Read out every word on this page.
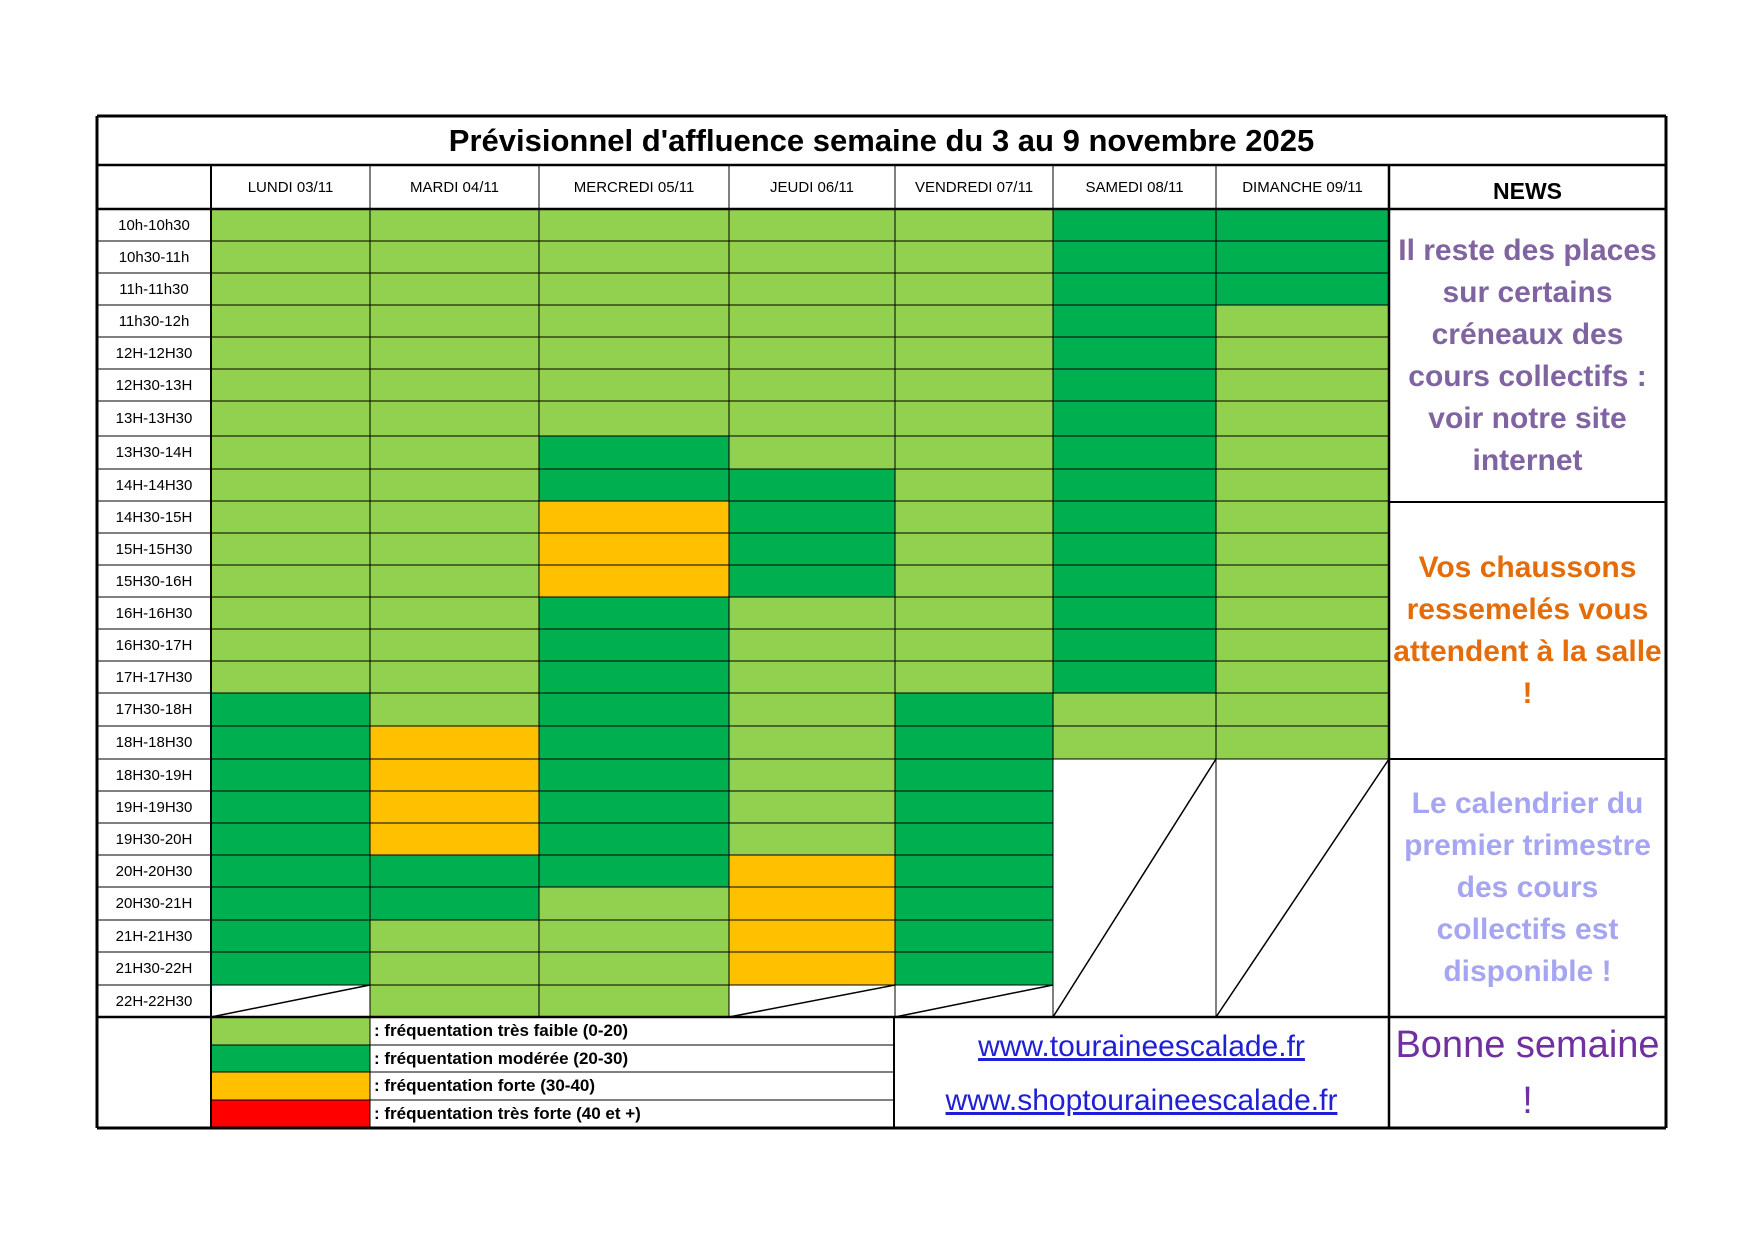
Prévisionnel d'affluence semaine du 3 au 9 novembre 2025
NEWS
Il reste des places sur certains créneaux des cours collectifs : voir notre site internet
Vos chaussons ressemelés vous attendent à la salle !
Le calendrier du premier trimestre des cours collectifs est disponible !
www.touraineescalade.fr
www.shoptouraineescalade.fr
Bonne semaine !
LUNDI 03/11	MARDI 04/11	MERCREDI 05/11	JEUDI 06/11	VENDREDI 07/11	SAMEDI 08/11	DIMANCHE 09/11
10h-10h30
10h30-11h
11h-11h30
11h30-12h
12H-12H30
12H30-13H
13H-13H30
13H30-14H
14H-14H30
14H30-15H
15H-15H30
15H30-16H
16H-16H30
16H30-17H
17H-17H30
17H30-18H
18H-18H30
18H30-19H
19H-19H30
19H30-20H
20H-20H30
20H30-21H
21H-21H30
21H30-22H
22H-22H30
: fréquentation très faible (0-20)
: fréquentation modérée (20-30)
: fréquentation forte (30-40)
: fréquentation très forte (40 et +)
